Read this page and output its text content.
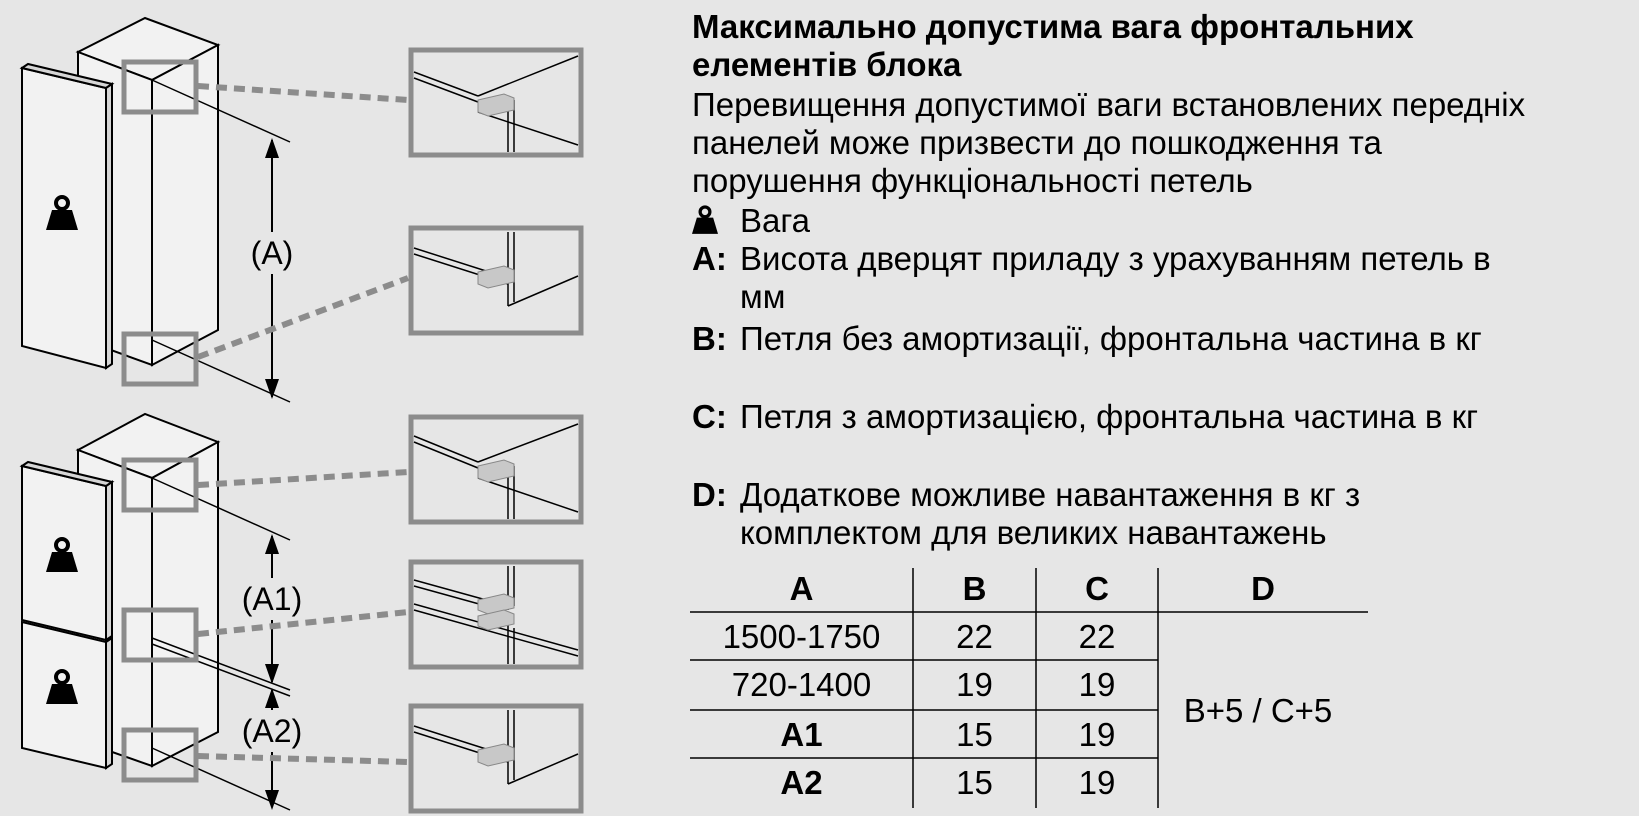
(A)
(A1)
(A2)
Максимально допустима вага фронтальних
елементів блока
Перевищення допустимої ваги встановлених передніх
панелей може призвести до пошкодження та
порушення функціональності петель
Вага
A: Висота дверцят приладу з урахуванням петель в
мм
B: Петля без амортизації, фронтальна частина в кг
C: Петля з амортизацією, фронтальна частина в кг
D: Додаткове можливе навантаження в кг з
комплектом для великих навантажень
A	B	C	D
1500-1750	22	22
720-1400	19	19
A1	15	19
A2	15	19
B+5 / C+5
